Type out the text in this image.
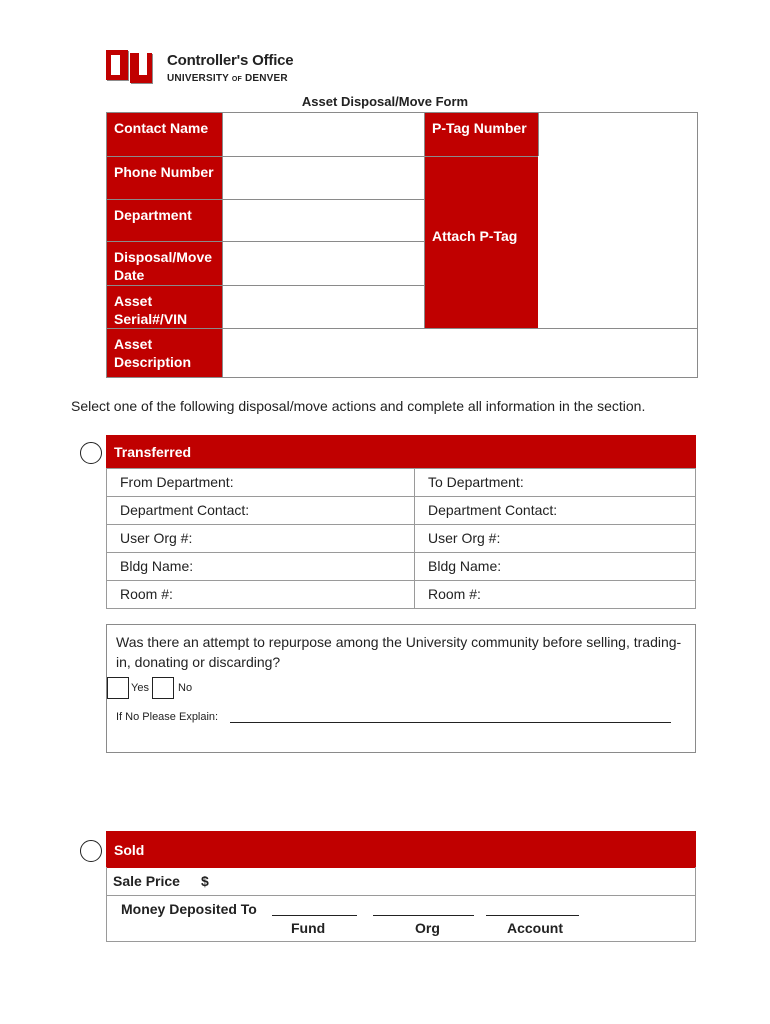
Controller's Office
UNIVERSITY OF DENVER
Asset Disposal/Move Form
Contact Name	P-Tag Number
Phone Number
Department
Disposal/Move Date
Asset Serial#/VIN
Attach P-Tag
Asset Description
Select one of the following disposal/move actions and complete all information in the section.
Transferred
From Department:	To Department:
Department Contact:	Department Contact:
User Org #:	User Org #:
Bldg Name:	Bldg Name:
Room #:	Room #:
Was there an attempt to repurpose among the University community before selling, trading-in, donating or discarding?
Yes	No
If No Please Explain:
Sold
Sale Price $
Money Deposited To
Fund	Org	Account
